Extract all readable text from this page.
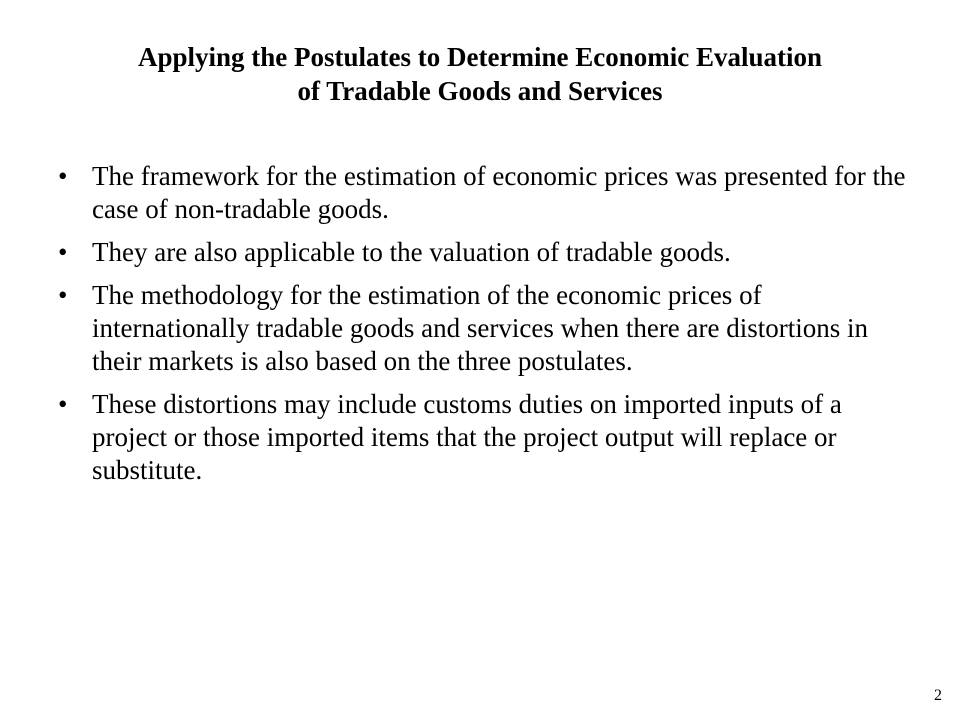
Applying the Postulates to Determine Economic Evaluation
of Tradable Goods and Services
• The framework for the estimation of economic prices was presented for the case of non-tradable goods.
• They are also applicable to the valuation of tradable goods.
• The methodology for the estimation of the economic prices of internationally tradable goods and services when there are distortions in their markets is also based on the three postulates.
• These distortions may include customs duties on imported inputs of a project or those imported items that the project output will replace or substitute.
2
